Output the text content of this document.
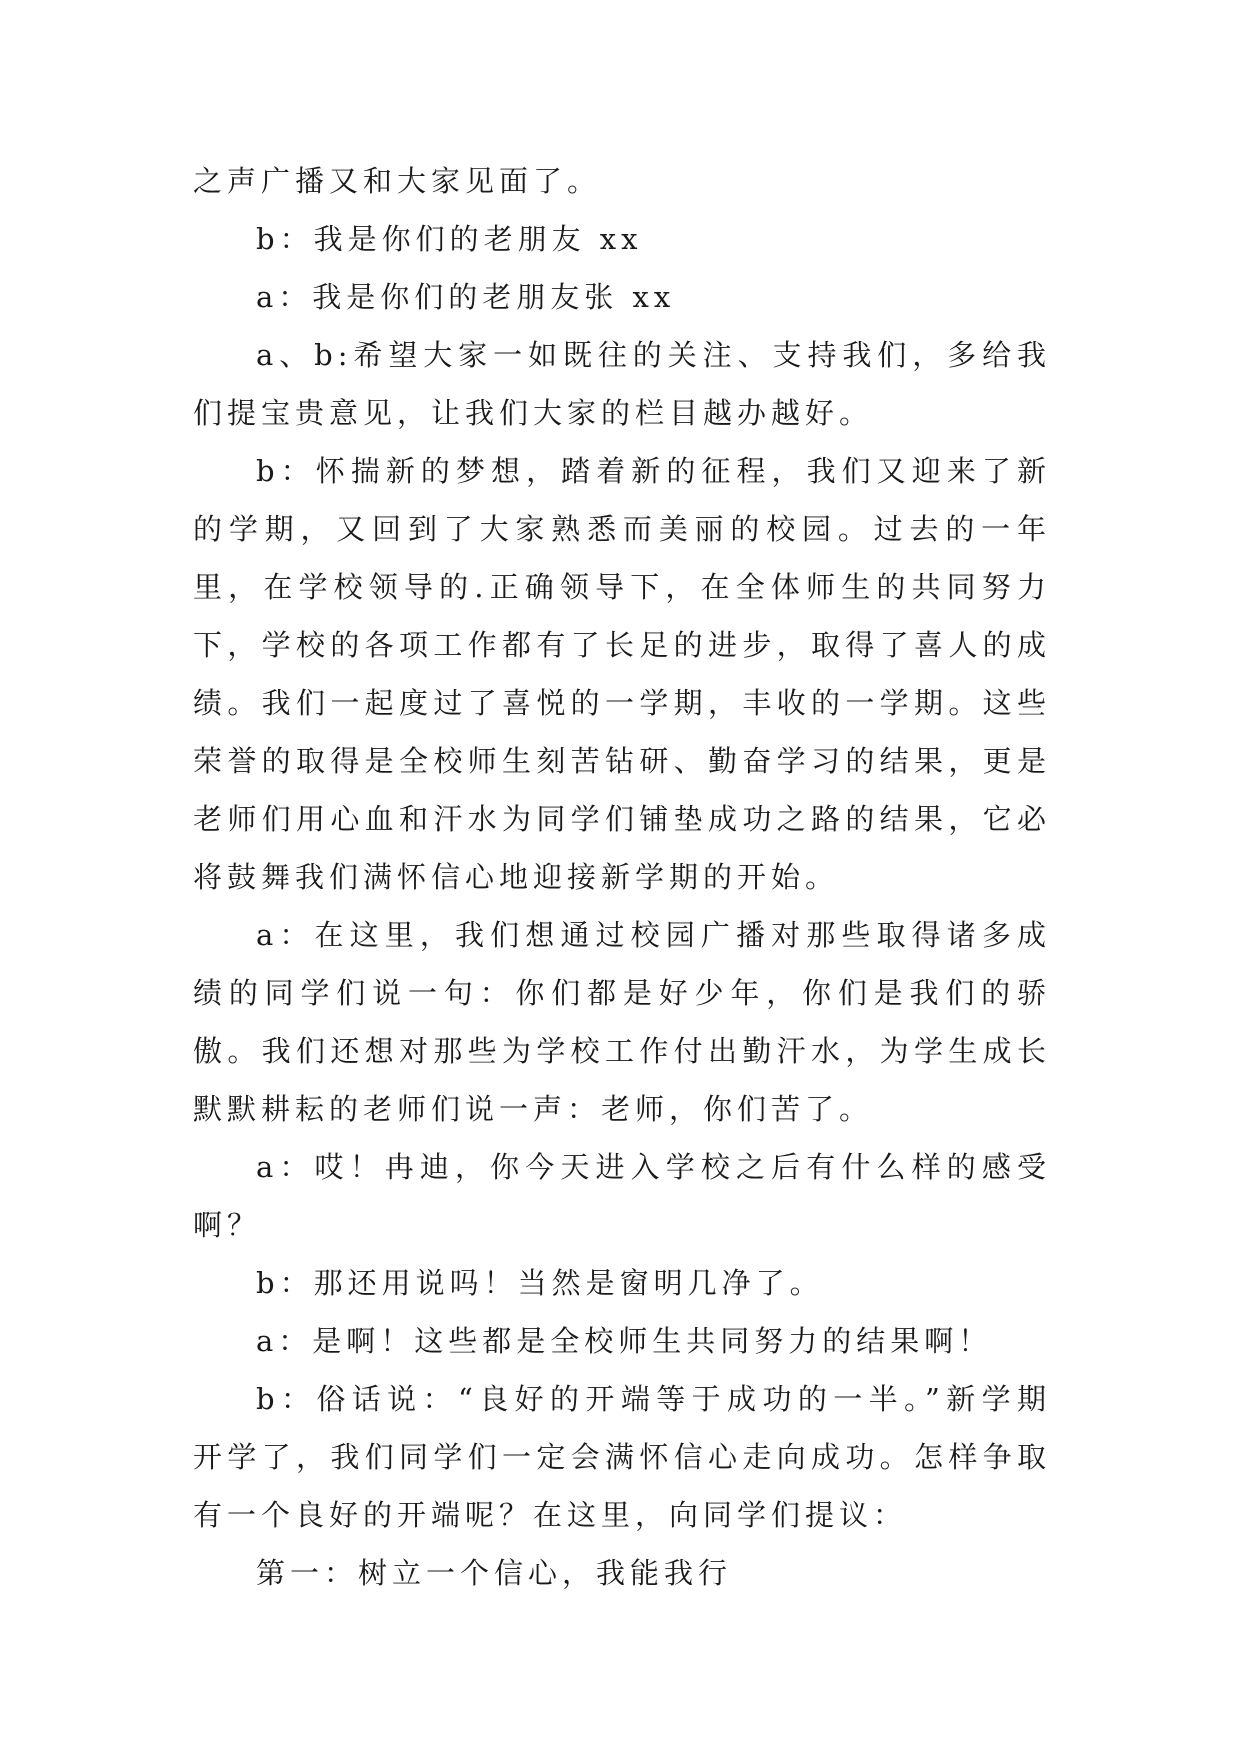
之声广播又和大家见面了。

b：我是你们的老朋友 xx

a：我是你们的老朋友张 xx

a、b:希望大家一如既往的关注、支持我们，多给我们提宝贵意见，让我们大家的栏目越办越好。

b：怀揣新的梦想，踏着新的征程，我们又迎来了新的学期，又回到了大家熟悉而美丽的校园。过去的一年里，在学校领导的.正确领导下，在全体师生的共同努力下，学校的各项工作都有了长足的进步，取得了喜人的成绩。我们一起度过了喜悦的一学期，丰收的一学期。这些荣誉的取得是全校师生刻苦钻研、勤奋学习的结果，更是老师们用心血和汗水为同学们铺垫成功之路的结果，它必将鼓舞我们满怀信心地迎接新学期的开始。

a：在这里，我们想通过校园广播对那些取得诸多成绩的同学们说一句：你们都是好少年，你们是我们的骄傲。我们还想对那些为学校工作付出勤汗水，为学生成长默默耕耘的老师们说一声：老师，你们苦了。

a：哎！冉迪，你今天进入学校之后有什么样的感受啊？

b：那还用说吗！当然是窗明几净了。

a：是啊！这些都是全校师生共同努力的结果啊！

b：俗话说：“良好的开端等于成功的一半。”新学期开学了，我们同学们一定会满怀信心走向成功。怎样争取有一个良好的开端呢？在这里，向同学们提议：

第一：树立一个信心，我能我行
